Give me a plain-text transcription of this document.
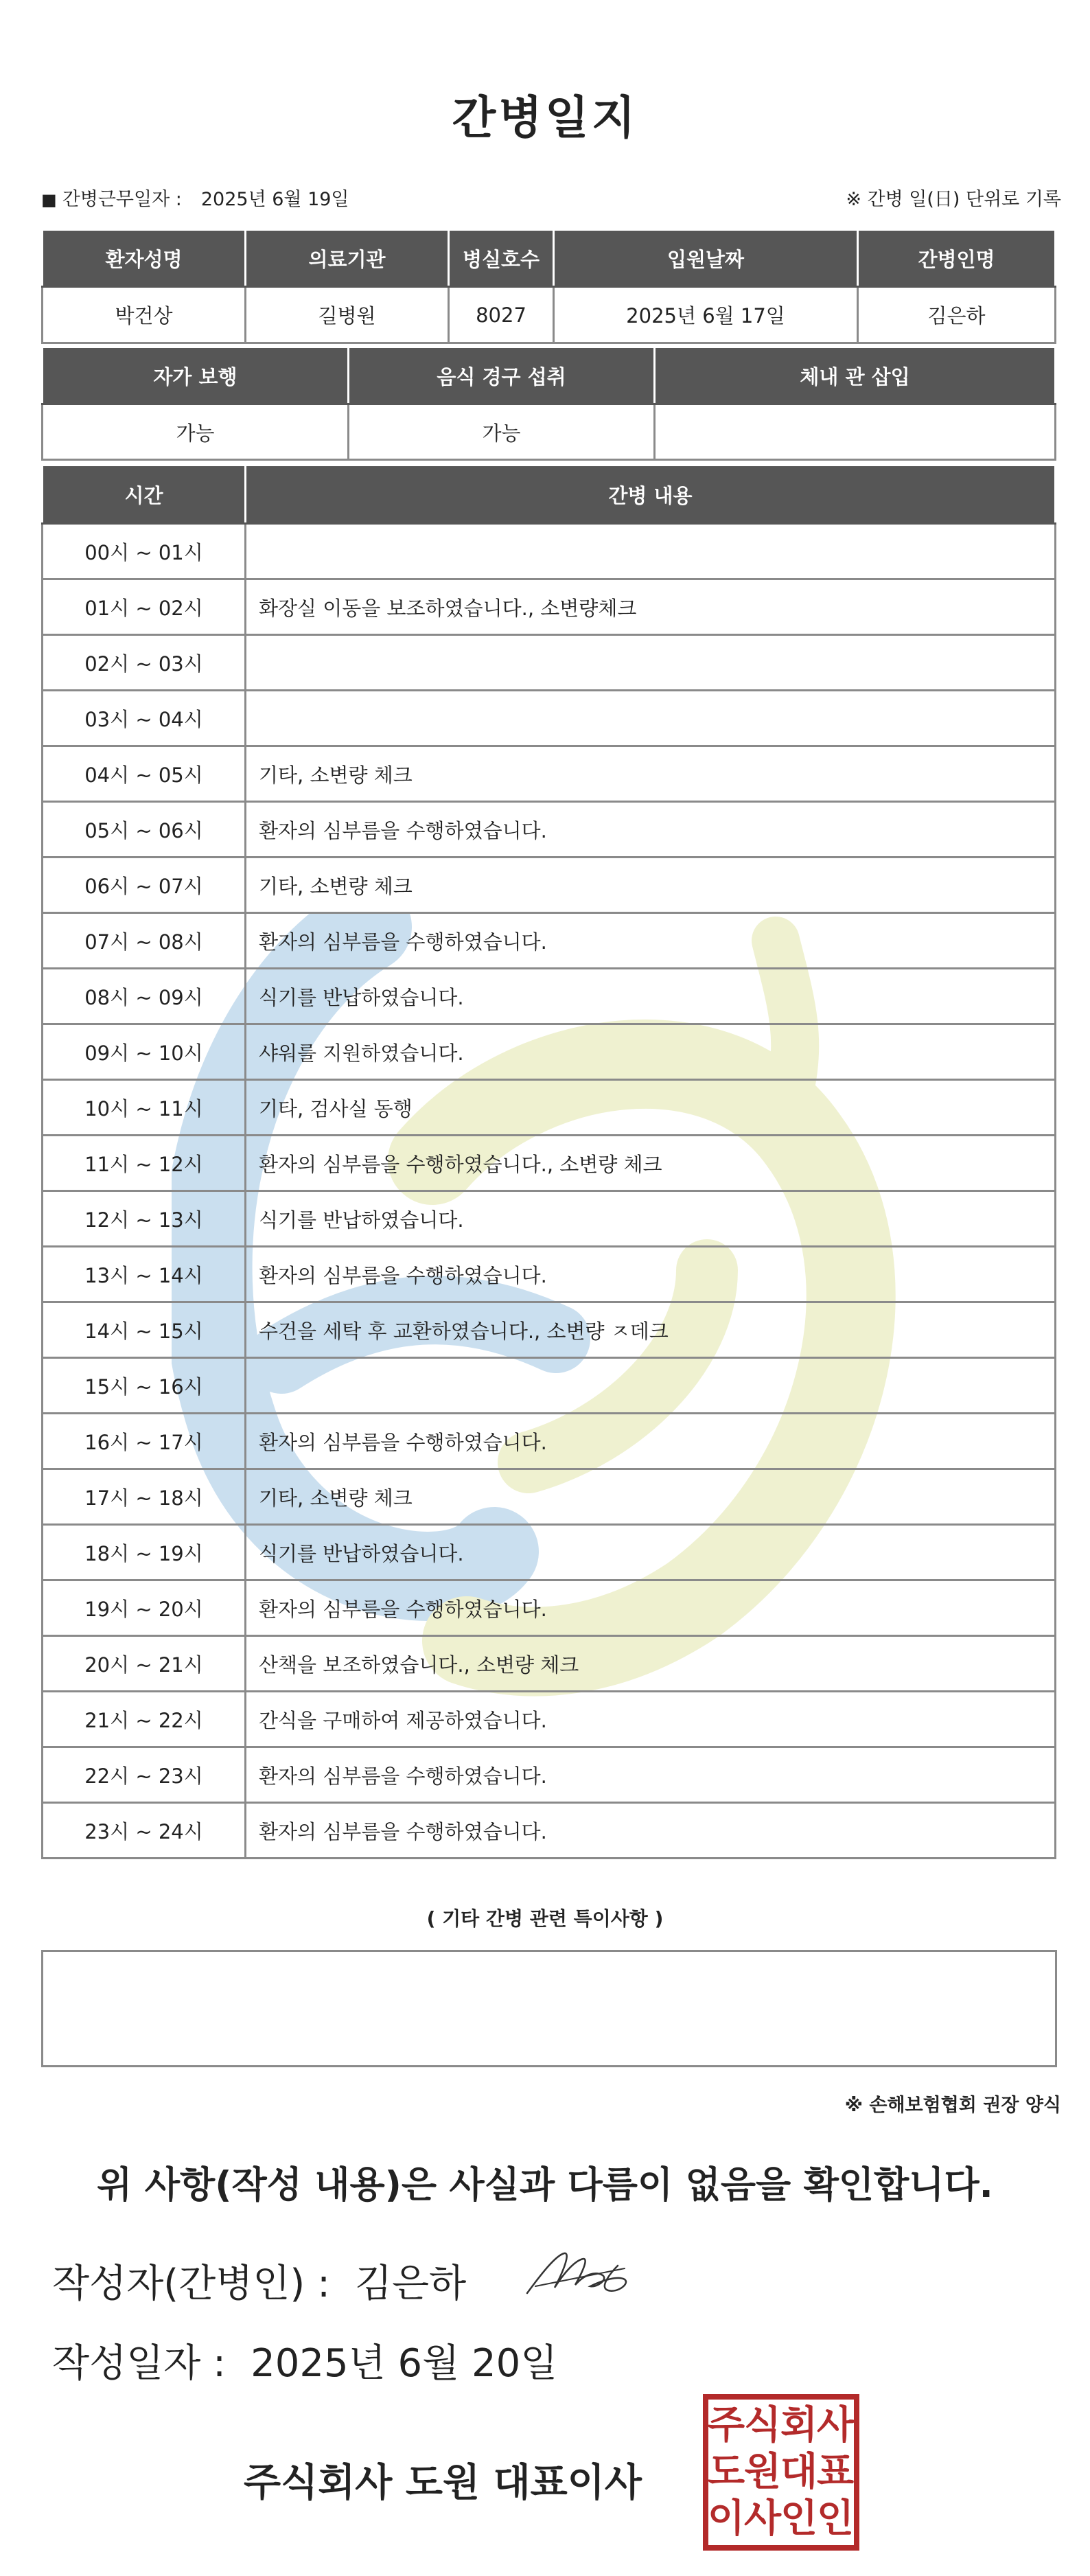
간병일지
■ 간병근무일자 : 2025년 6월 19일	※ 간병 일(日) 단위로 기록
환자성명	의료기관	병실호수	입원날짜	간병인명
박건상	길병원	8027	2025년 6월 17일	김은하
자가 보행	음식 경구 섭취	체내 관 삽입
가능	가능	
시간	간병 내용
00시 ~ 01시	
01시 ~ 02시	화장실 이동을 보조하였습니다., 소변량체크
02시 ~ 03시	
03시 ~ 04시	
04시 ~ 05시	기타, 소변량 체크
05시 ~ 06시	환자의 심부름을 수행하였습니다.
06시 ~ 07시	기타, 소변량 체크
07시 ~ 08시	환자의 심부름을 수행하였습니다.
08시 ~ 09시	식기를 반납하였습니다.
09시 ~ 10시	샤워를 지원하였습니다.
10시 ~ 11시	기타, 검사실 동행
11시 ~ 12시	환자의 심부름을 수행하였습니다., 소변량 체크
12시 ~ 13시	식기를 반납하였습니다.
13시 ~ 14시	환자의 심부름을 수행하였습니다.
14시 ~ 15시	수건을 세탁 후 교환하였습니다., 소변량 ㅈ데크
15시 ~ 16시	
16시 ~ 17시	환자의 심부름을 수행하였습니다.
17시 ~ 18시	기타, 소변량 체크
18시 ~ 19시	식기를 반납하였습니다.
19시 ~ 20시	환자의 심부름을 수행하였습니다.
20시 ~ 21시	산책을 보조하였습니다., 소변량 체크
21시 ~ 22시	간식을 구매하여 제공하였습니다.
22시 ~ 23시	환자의 심부름을 수행하였습니다.
23시 ~ 24시	환자의 심부름을 수행하였습니다.
( 기타 간병 관련 특이사항 )
※ 손해보험협회 권장 양식
위 사항(작성 내용)은 사실과 다름이 없음을 확인합니다.
작성자(간병인) : 김은하
작성일자 : 2025년 6월 20일
주식회사 도원 대표이사
주
식
회
사
도
원
대
표
이
사
인
인
